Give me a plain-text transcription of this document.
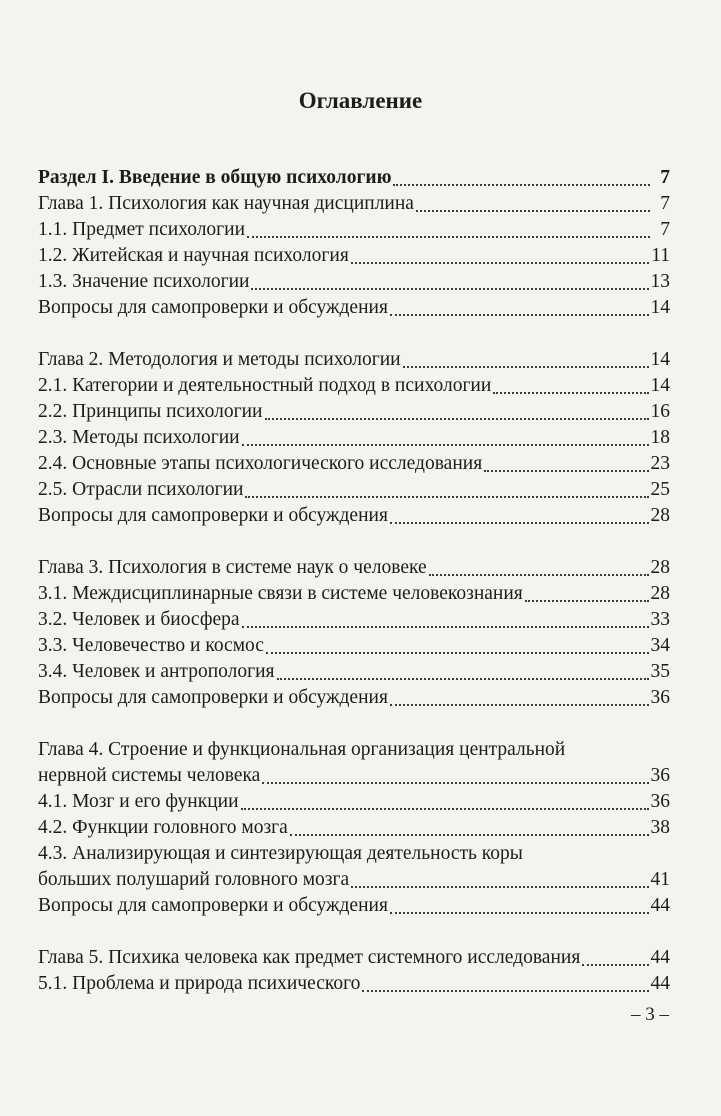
Оглавление
Раздел I. Введение в общую психологию	7
Глава 1. Психология как научная дисциплина	7
1.1. Предмет психологии	7
1.2. Житейская и научная психология	11
1.3. Значение психологии	13
Вопросы для самопроверки и обсуждения	14
Глава 2. Методология и методы психологии	14
2.1. Категории и деятельностный подход в психологии	14
2.2. Принципы психологии	16
2.3. Методы психологии	18
2.4. Основные этапы психологического исследования	23
2.5. Отрасли психологии	25
Вопросы для самопроверки и обсуждения	28
Глава 3. Психология в системе наук о человеке	28
3.1. Междисциплинарные связи в системе человекознания	28
3.2. Человек и биосфера	33
3.3. Человечество и космос	34
3.4. Человек и антропология	35
Вопросы для самопроверки и обсуждения	36
Глава 4. Строение и функциональная организация центральной
нервной системы человека	36
4.1. Мозг и его функции	36
4.2. Функции головного мозга	38
4.3. Анализирующая и синтезирующая деятельность коры
больших полушарий головного мозга	41
Вопросы для самопроверки и обсуждения	44
Глава 5. Психика человека как предмет системного исследования	44
5.1. Проблема и природа психического	44
– 3 –
